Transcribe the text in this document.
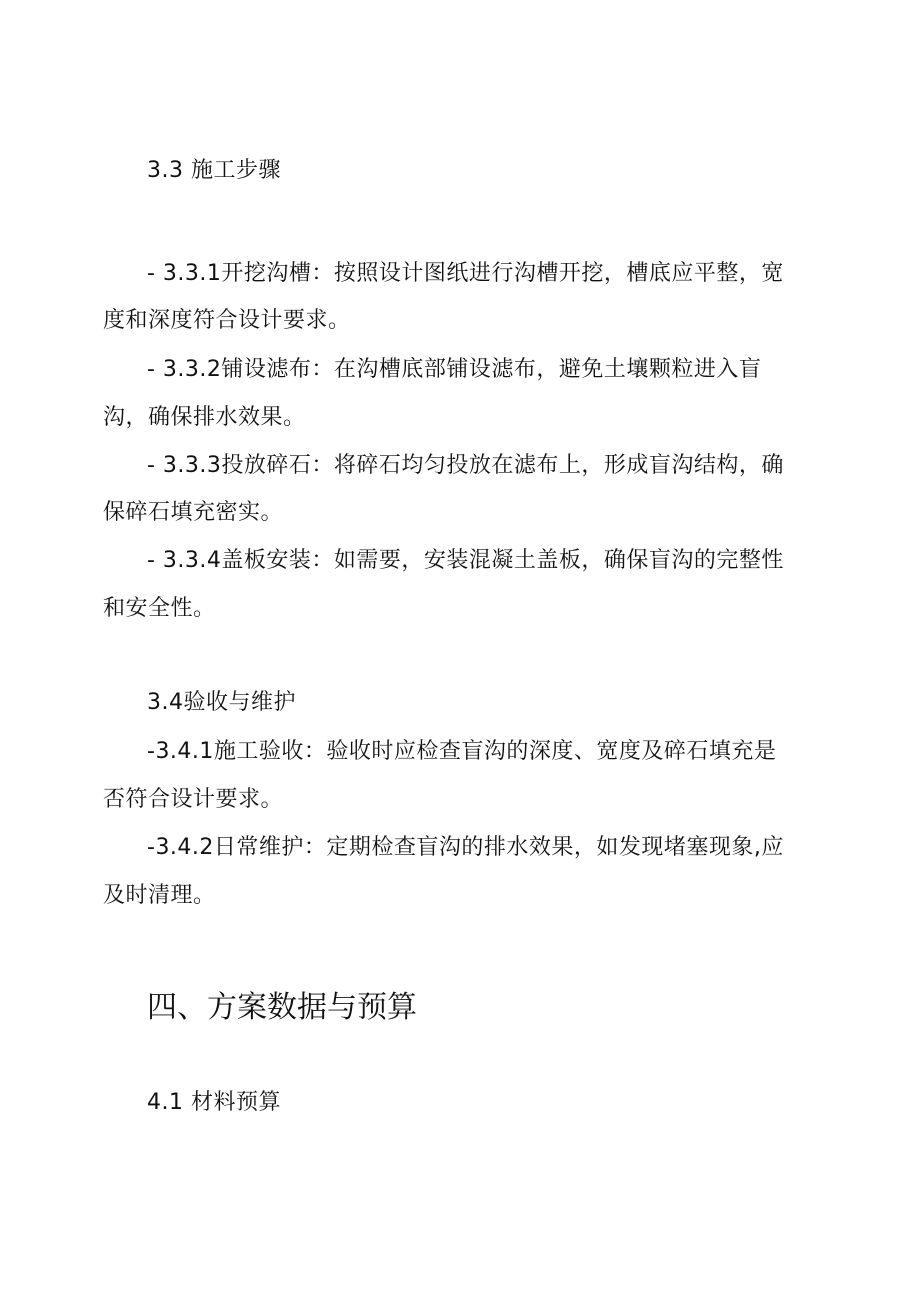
3.3 施工步骤

- 3.3.1开挖沟槽：按照设计图纸进行沟槽开挖，槽底应平整，宽

度和深度符合设计要求。

- 3.3.2铺设滤布：在沟槽底部铺设滤布，避免土壤颗粒进入盲

沟，确保排水效果。

- 3.3.3投放碎石：将碎石均匀投放在滤布上，形成盲沟结构，确

保碎石填充密实。

- 3.3.4盖板安装：如需要，安装混凝土盖板，确保盲沟的完整性

和安全性。

3.4验收与维护

-3.4.1施工验收：验收时应检查盲沟的深度、宽度及碎石填充是

否符合设计要求。

-3.4.2日常维护：定期检查盲沟的排水效果，如发现堵塞现象,应

及时清理。

四、方案数据与预算

4.1 材料预算
